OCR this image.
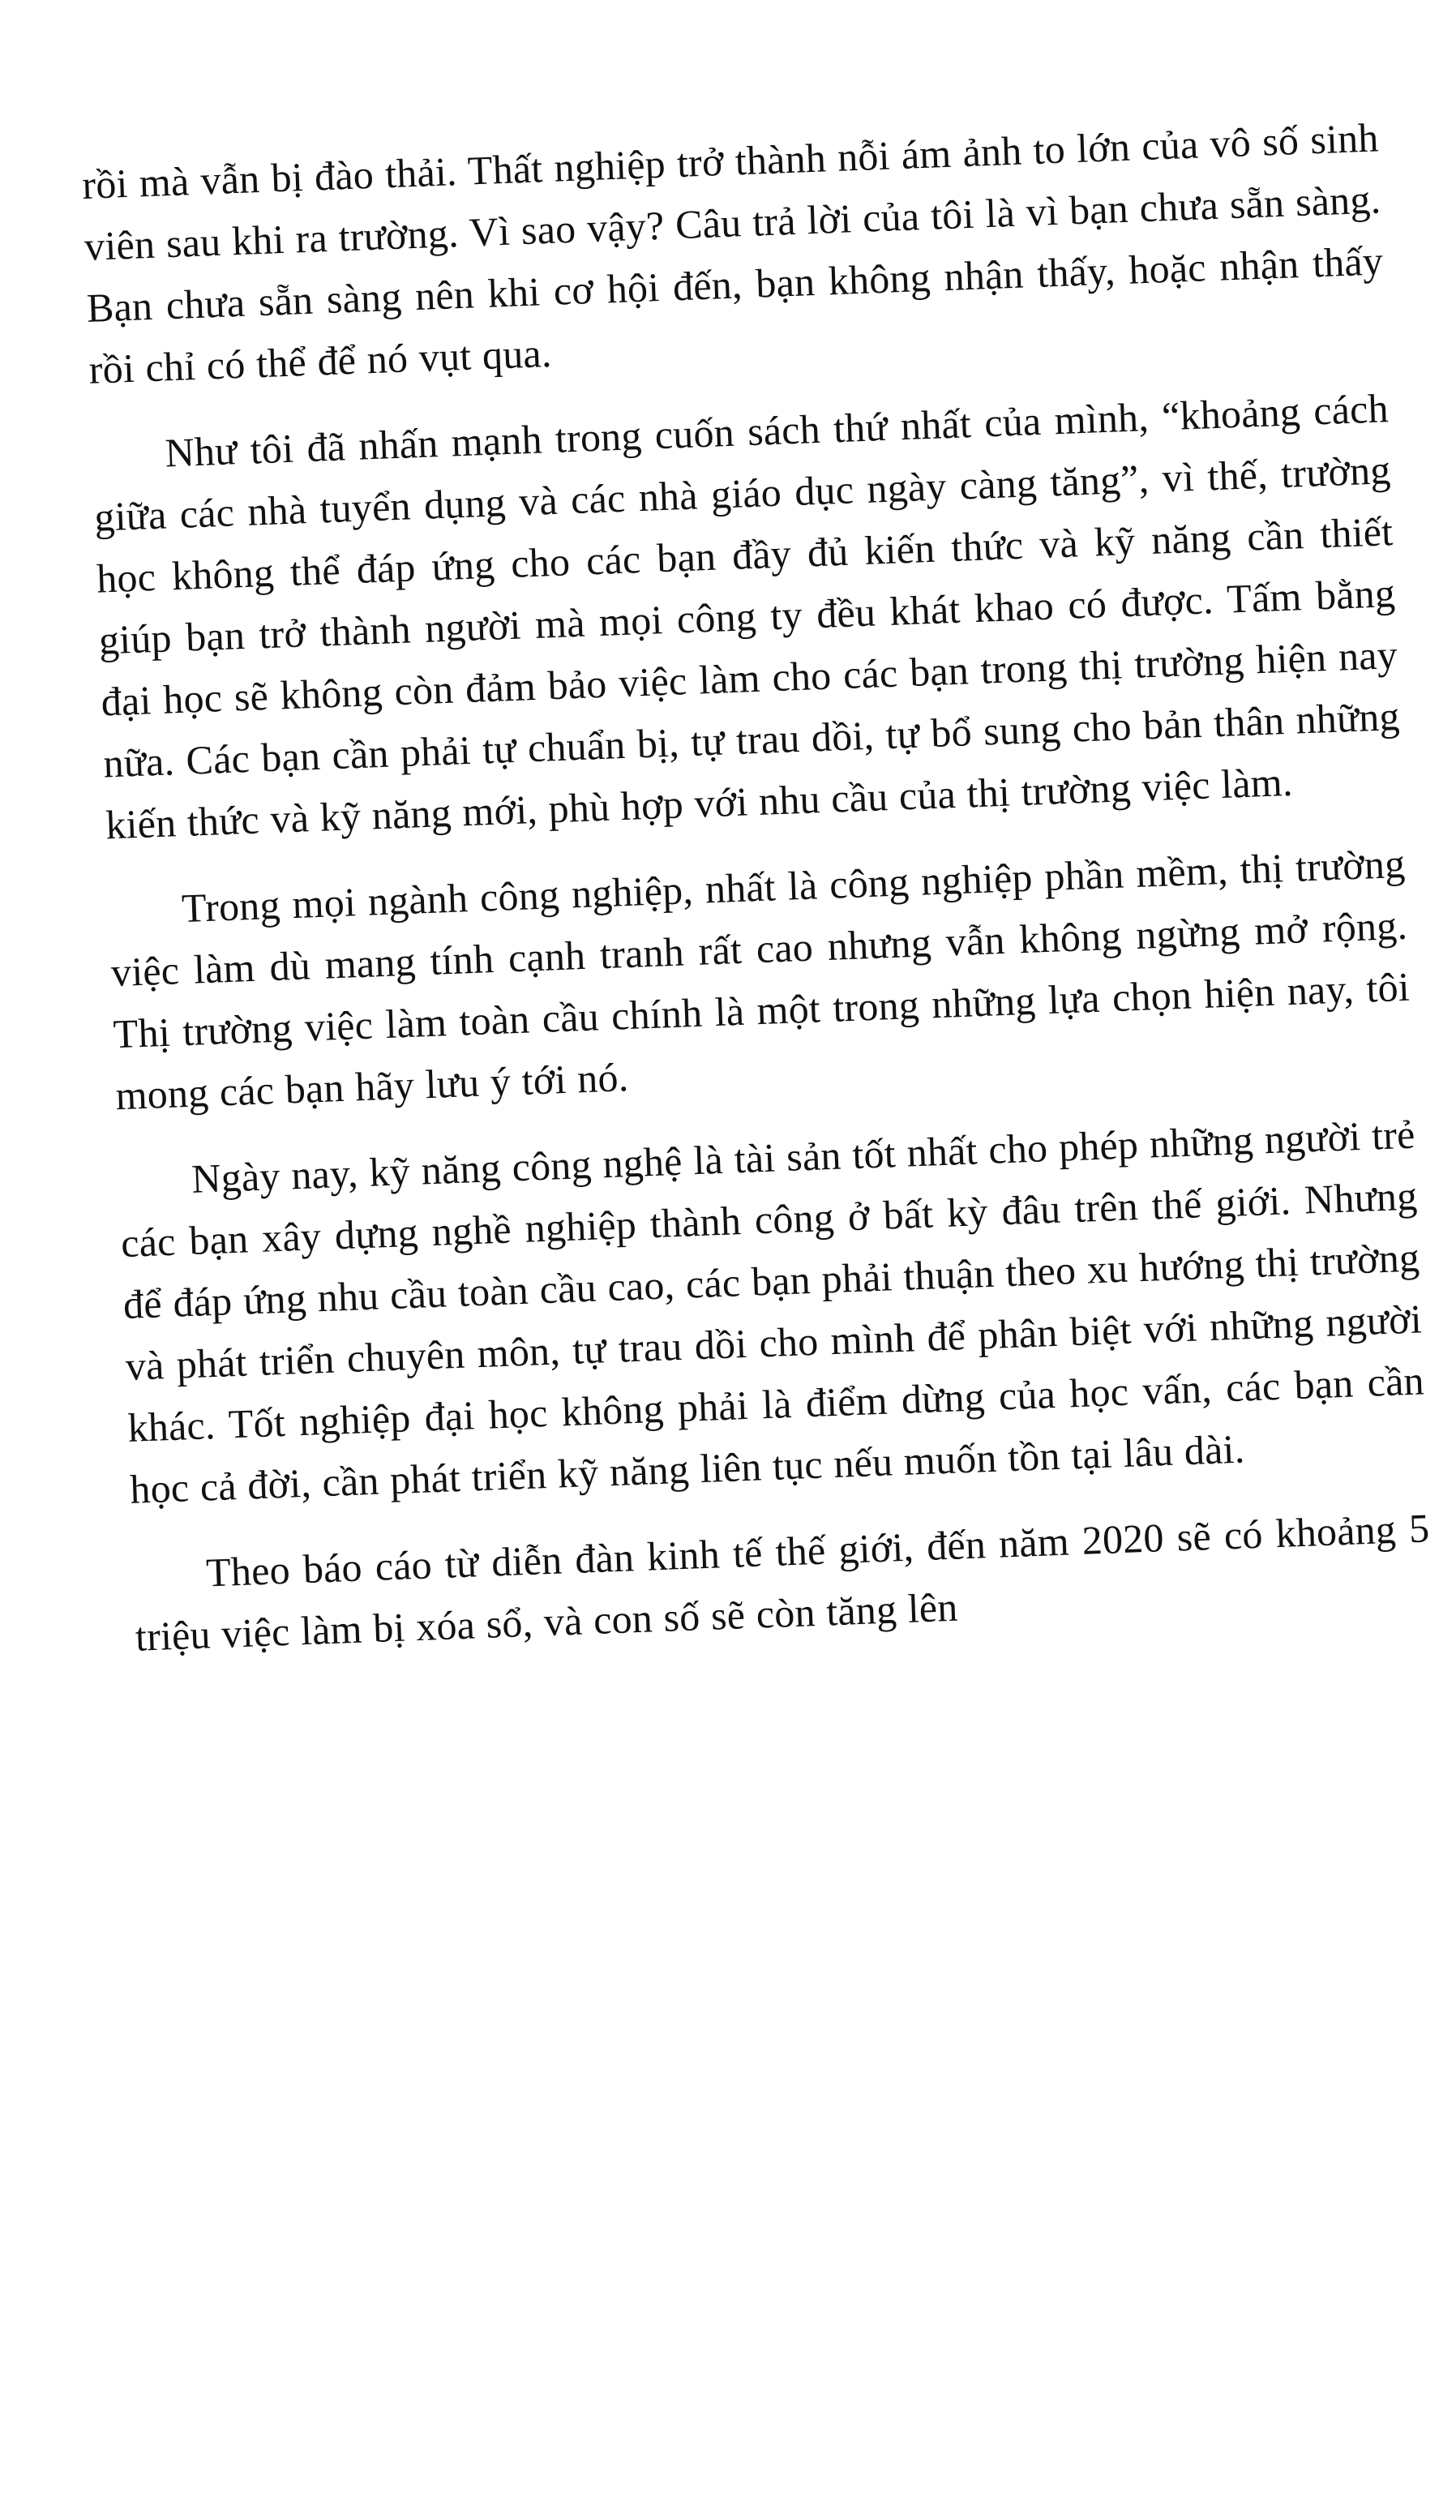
rồi mà vẫn bị đào thải. Thất nghiệp trở thành nỗi ám ảnh to lớn của vô số sinh viên sau khi ra trường. Vì sao vậy? Câu trả lời của tôi là vì bạn chưa sẵn sàng. Bạn chưa sẵn sàng nên khi cơ hội đến, bạn không nhận thấy, hoặc nhận thấy rồi chỉ có thể để nó vụt qua.

Như tôi đã nhấn mạnh trong cuốn sách thứ nhất của mình, “khoảng cách giữa các nhà tuyển dụng và các nhà giáo dục ngày càng tăng”, vì thế, trường học không thể đáp ứng cho các bạn đầy đủ kiến thức và kỹ năng cần thiết giúp bạn trở thành người mà mọi công ty đều khát khao có được. Tấm bằng đại học sẽ không còn đảm bảo việc làm cho các bạn trong thị trường hiện nay nữa. Các bạn cần phải tự chuẩn bị, tự trau dồi, tự bổ sung cho bản thân những kiến thức và kỹ năng mới, phù hợp với nhu cầu của thị trường việc làm.

Trong mọi ngành công nghiệp, nhất là công nghiệp phần mềm, thị trường việc làm dù mang tính cạnh tranh rất cao nhưng vẫn không ngừng mở rộng. Thị trường việc làm toàn cầu chính là một trong những lựa chọn hiện nay, tôi mong các bạn hãy lưu ý tới nó.

Ngày nay, kỹ năng công nghệ là tài sản tốt nhất cho phép những người trẻ các bạn xây dựng nghề nghiệp thành công ở bất kỳ đâu trên thế giới. Nhưng để đáp ứng nhu cầu toàn cầu cao, các bạn phải thuận theo xu hướng thị trường và phát triển chuyên môn, tự trau dồi cho mình để phân biệt với những người khác. Tốt nghiệp đại học không phải là điểm dừng của học vấn, các bạn cần học cả đời, cần phát triển kỹ năng liên tục nếu muốn tồn tại lâu dài.

Theo báo cáo từ diễn đàn kinh tế thế giới, đến năm 2020 sẽ có khoảng 5 triệu việc làm bị xóa sổ, và con số sẽ còn tăng lên
